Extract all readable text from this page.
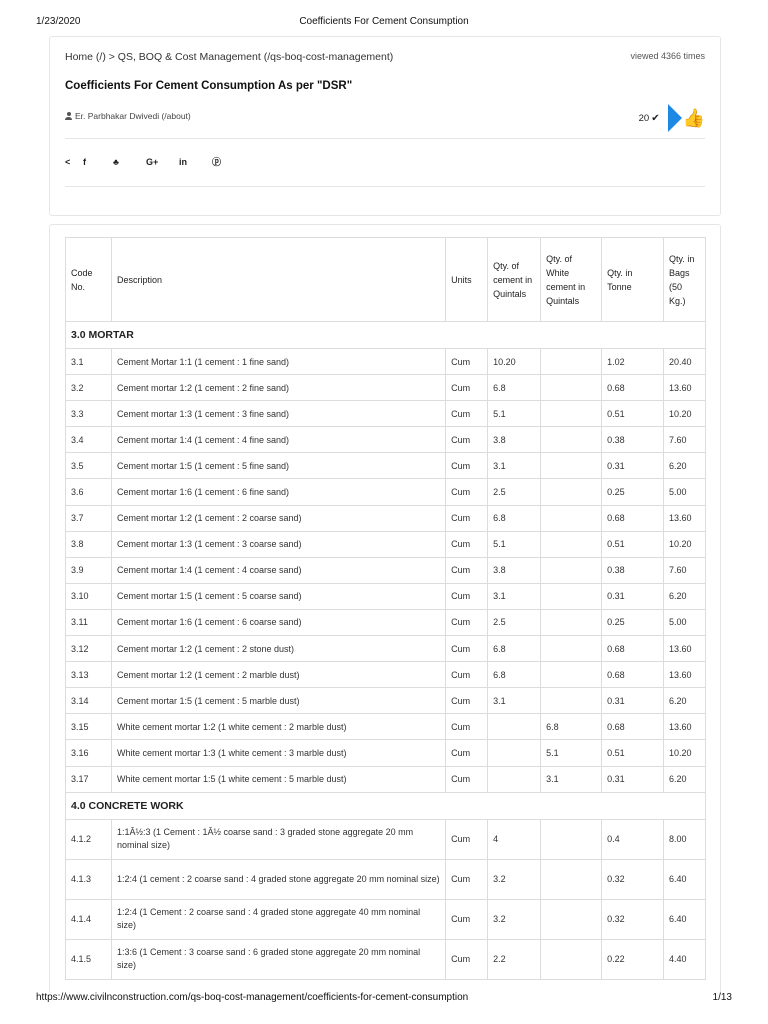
1/23/2020	Coefficients For Cement Consumption
Home (/) > QS, BOQ & Cost Management (/qs-boq-cost-management)	viewed 4366 times
Coefficients For Cement Consumption As per "DSR"
Er. Parbhakar Dwivedi (/about)	20 ✔ 👍
<	f	♣	G+	in	ⓟ
Code No.	Description	Units	Qty. of cement in Quintals	Qty. of White cement in Quintals	Qty. in Tonne	Qty. in Bags (50 Kg.)
3.0 MORTAR						
3.1	Cement Mortar 1:1 (1 cement : 1 fine sand)	Cum	10.20		1.02	20.40
3.2	Cement mortar 1:2 (1 cement : 2 fine sand)	Cum	6.8		0.68	13.60
3.3	Cement mortar 1:3 (1 cement : 3 fine sand)	Cum	5.1		0.51	10.20
3.4	Cement mortar 1:4 (1 cement : 4 fine sand)	Cum	3.8		0.38	7.60
3.5	Cement mortar 1:5 (1 cement : 5 fine sand)	Cum	3.1		0.31	6.20
3.6	Cement mortar 1:6 (1 cement : 6 fine sand)	Cum	2.5		0.25	5.00
3.7	Cement mortar 1:2 (1 cement : 2 coarse sand)	Cum	6.8		0.68	13.60
3.8	Cement mortar 1:3 (1 cement : 3 coarse sand)	Cum	5.1		0.51	10.20
3.9	Cement mortar 1:4 (1 cement : 4 coarse sand)	Cum	3.8		0.38	7.60
3.10	Cement mortar 1:5 (1 cement : 5 coarse sand)	Cum	3.1		0.31	6.20
3.11	Cement mortar 1:6 (1 cement : 6 coarse sand)	Cum	2.5		0.25	5.00
3.12	Cement mortar 1:2 (1 cement : 2 stone dust)	Cum	6.8		0.68	13.60
3.13	Cement mortar 1:2 (1 cement : 2 marble dust)	Cum	6.8		0.68	13.60
3.14	Cement mortar 1:5 (1 cement : 5 marble dust)	Cum	3.1		0.31	6.20
3.15	White cement mortar 1:2 (1 white cement : 2 marble dust)	Cum		6.8	0.68	13.60
3.16	White cement mortar 1:3 (1 white cement : 3 marble dust)	Cum		5.1	0.51	10.20
3.17	White cement mortar 1:5 (1 white cement : 5 marble dust)	Cum		3.1	0.31	6.20
4.0 CONCRETE WORK						
4.1.2	1:1Â½:3 (1 Cement : 1Â½ coarse sand : 3 graded stone aggregate 20 mm nominal size)	Cum	4		0.4	8.00
4.1.3	1:2:4 (1 cement : 2 coarse sand : 4 graded stone aggregate 20 mm nominal size)	Cum	3.2		0.32	6.40
4.1.4	1:2:4 (1 Cement : 2 coarse sand : 4 graded stone aggregate 40 mm nominal size)	Cum	3.2		0.32	6.40
4.1.5	1:3:6 (1 Cement : 3 coarse sand : 6 graded stone aggregate 20 mm nominal size)	Cum	2.2		0.22	4.40
https://www.civilnconstruction.com/qs-boq-cost-management/coefficients-for-cement-consumption	1/13
